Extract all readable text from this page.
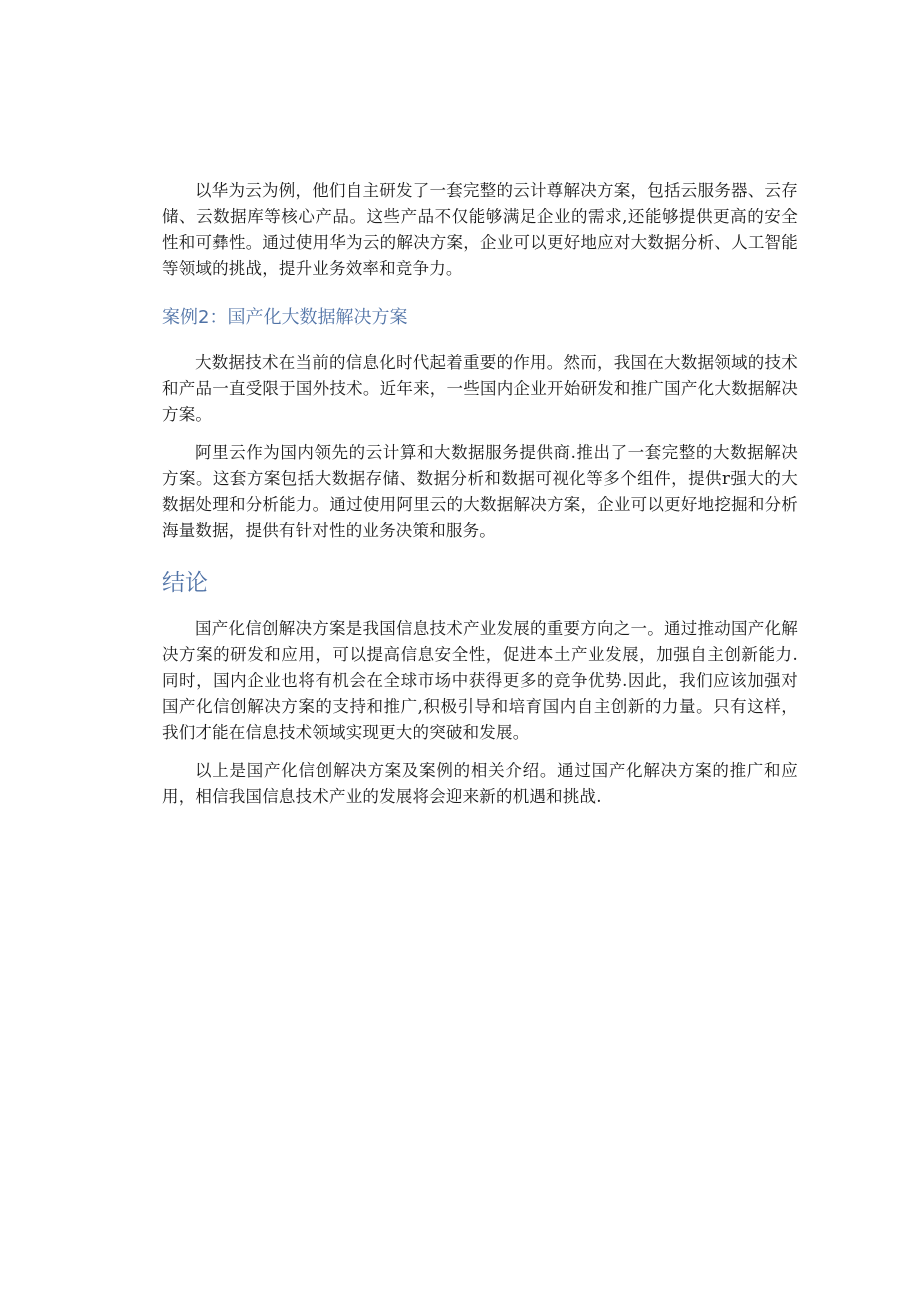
以华为云为例，他们自主研发了一套完整的云计尊解决方案，包括云服务器、云存储、云数据库等核心产品。这些产品不仅能够满足企业的需求,还能够提供更高的安全性和可彝性。通过使用华为云的解决方案，企业可以更好地应对大数据分析、人工智能等领域的挑战，提升业务效率和竞争力。

案例2：国产化大数据解决方案

大数据技术在当前的信息化时代起着重要的作用。然而，我国在大数据领域的技术和产品一直受限于国外技术。近年来，一些国内企业开始研发和推广国产化大数据解决方案。

阿里云作为国内领先的云计算和大数据服务提供商.推出了一套完整的大数据解决方案。这套方案包括大数据存储、数据分析和数据可视化等多个组件，提供r强大的大数据处理和分析能力。通过使用阿里云的大数据解决方案，企业可以更好地挖掘和分析海量数据，提供有针对性的业务决策和服务。

结论

国产化信创解决方案是我国信息技术产业发展的重要方向之一。通过推动国产化解决方案的研发和应用，可以提高信息安全性，促进本土产业发展，加强自主创新能力.同时，国内企业也将有机会在全球市场中获得更多的竞争优势.因此，我们应该加强对国产化信创解决方案的支持和推广,积极引导和培育国内自主创新的力量。只有这样，我们才能在信息技术领域实现更大的突破和发展。

以上是国产化信创解决方案及案例的相关介绍。通过国产化解决方案的推广和应用，相信我国信息技术产业的发展将会迎来新的机遇和挑战.
